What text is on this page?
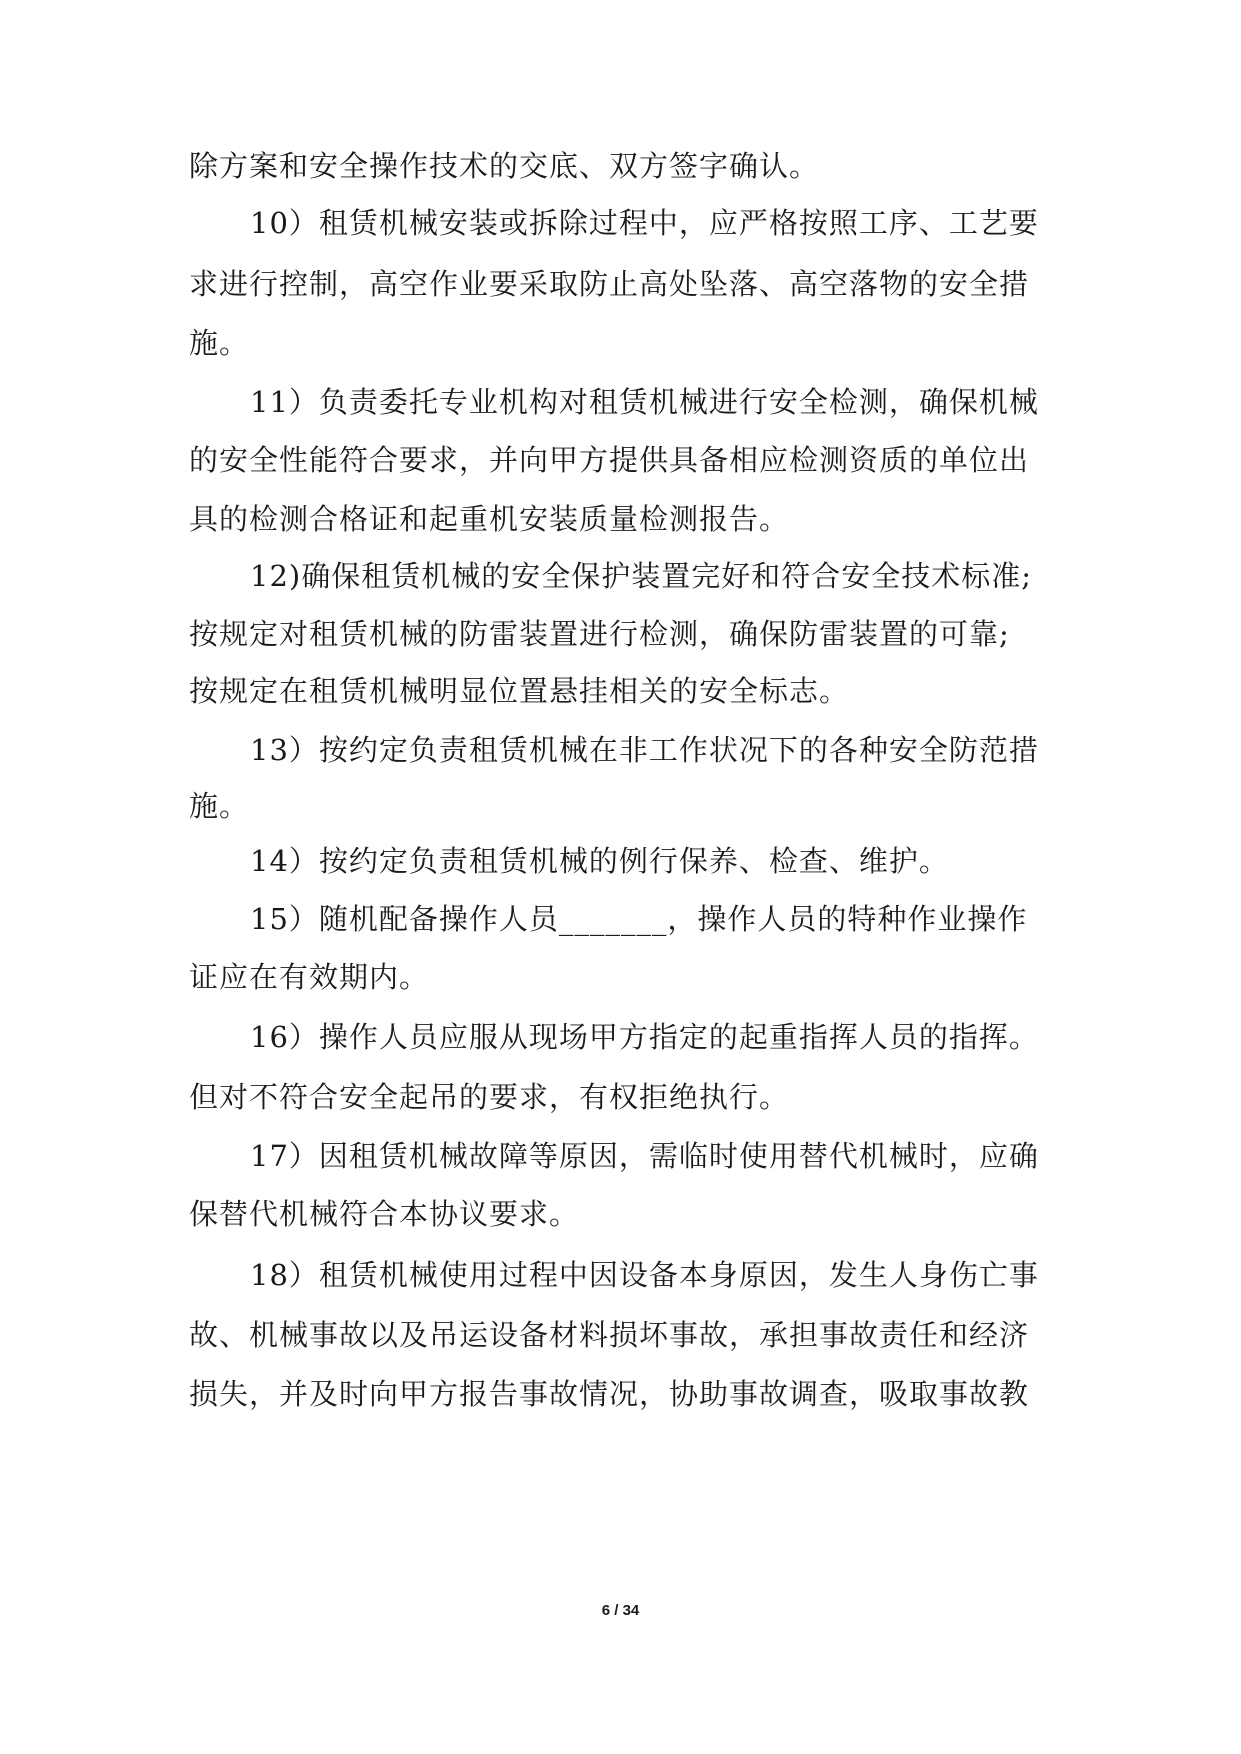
除方案和安全操作技术的交底、双方签字确认。
10）租赁机械安装或拆除过程中，应严格按照工序、工艺要
求进行控制，高空作业要采取防止高处坠落、高空落物的安全措
施。
11）负责委托专业机构对租赁机械进行安全检测，确保机械
的安全性能符合要求，并向甲方提供具备相应检测资质的单位出
具的检测合格证和起重机安装质量检测报告。
12)确保租赁机械的安全保护装置完好和符合安全技术标准;
按规定对租赁机械的防雷装置进行检测，确保防雷装置的可靠;
按规定在租赁机械明显位置悬挂相关的安全标志。
13）按约定负责租赁机械在非工作状况下的各种安全防范措
施。
14）按约定负责租赁机械的例行保养、检查、维护。
15）随机配备操作人员_______，操作人员的特种作业操作
证应在有效期内。
16）操作人员应服从现场甲方指定的起重指挥人员的指挥。
但对不符合安全起吊的要求，有权拒绝执行。
17）因租赁机械故障等原因，需临时使用替代机械时，应确
保替代机械符合本协议要求。
18）租赁机械使用过程中因设备本身原因，发生人身伤亡事
故、机械事故以及吊运设备材料损坏事故，承担事故责任和经济
损失，并及时向甲方报告事故情况，协助事故调查，吸取事故教
6 / 34
